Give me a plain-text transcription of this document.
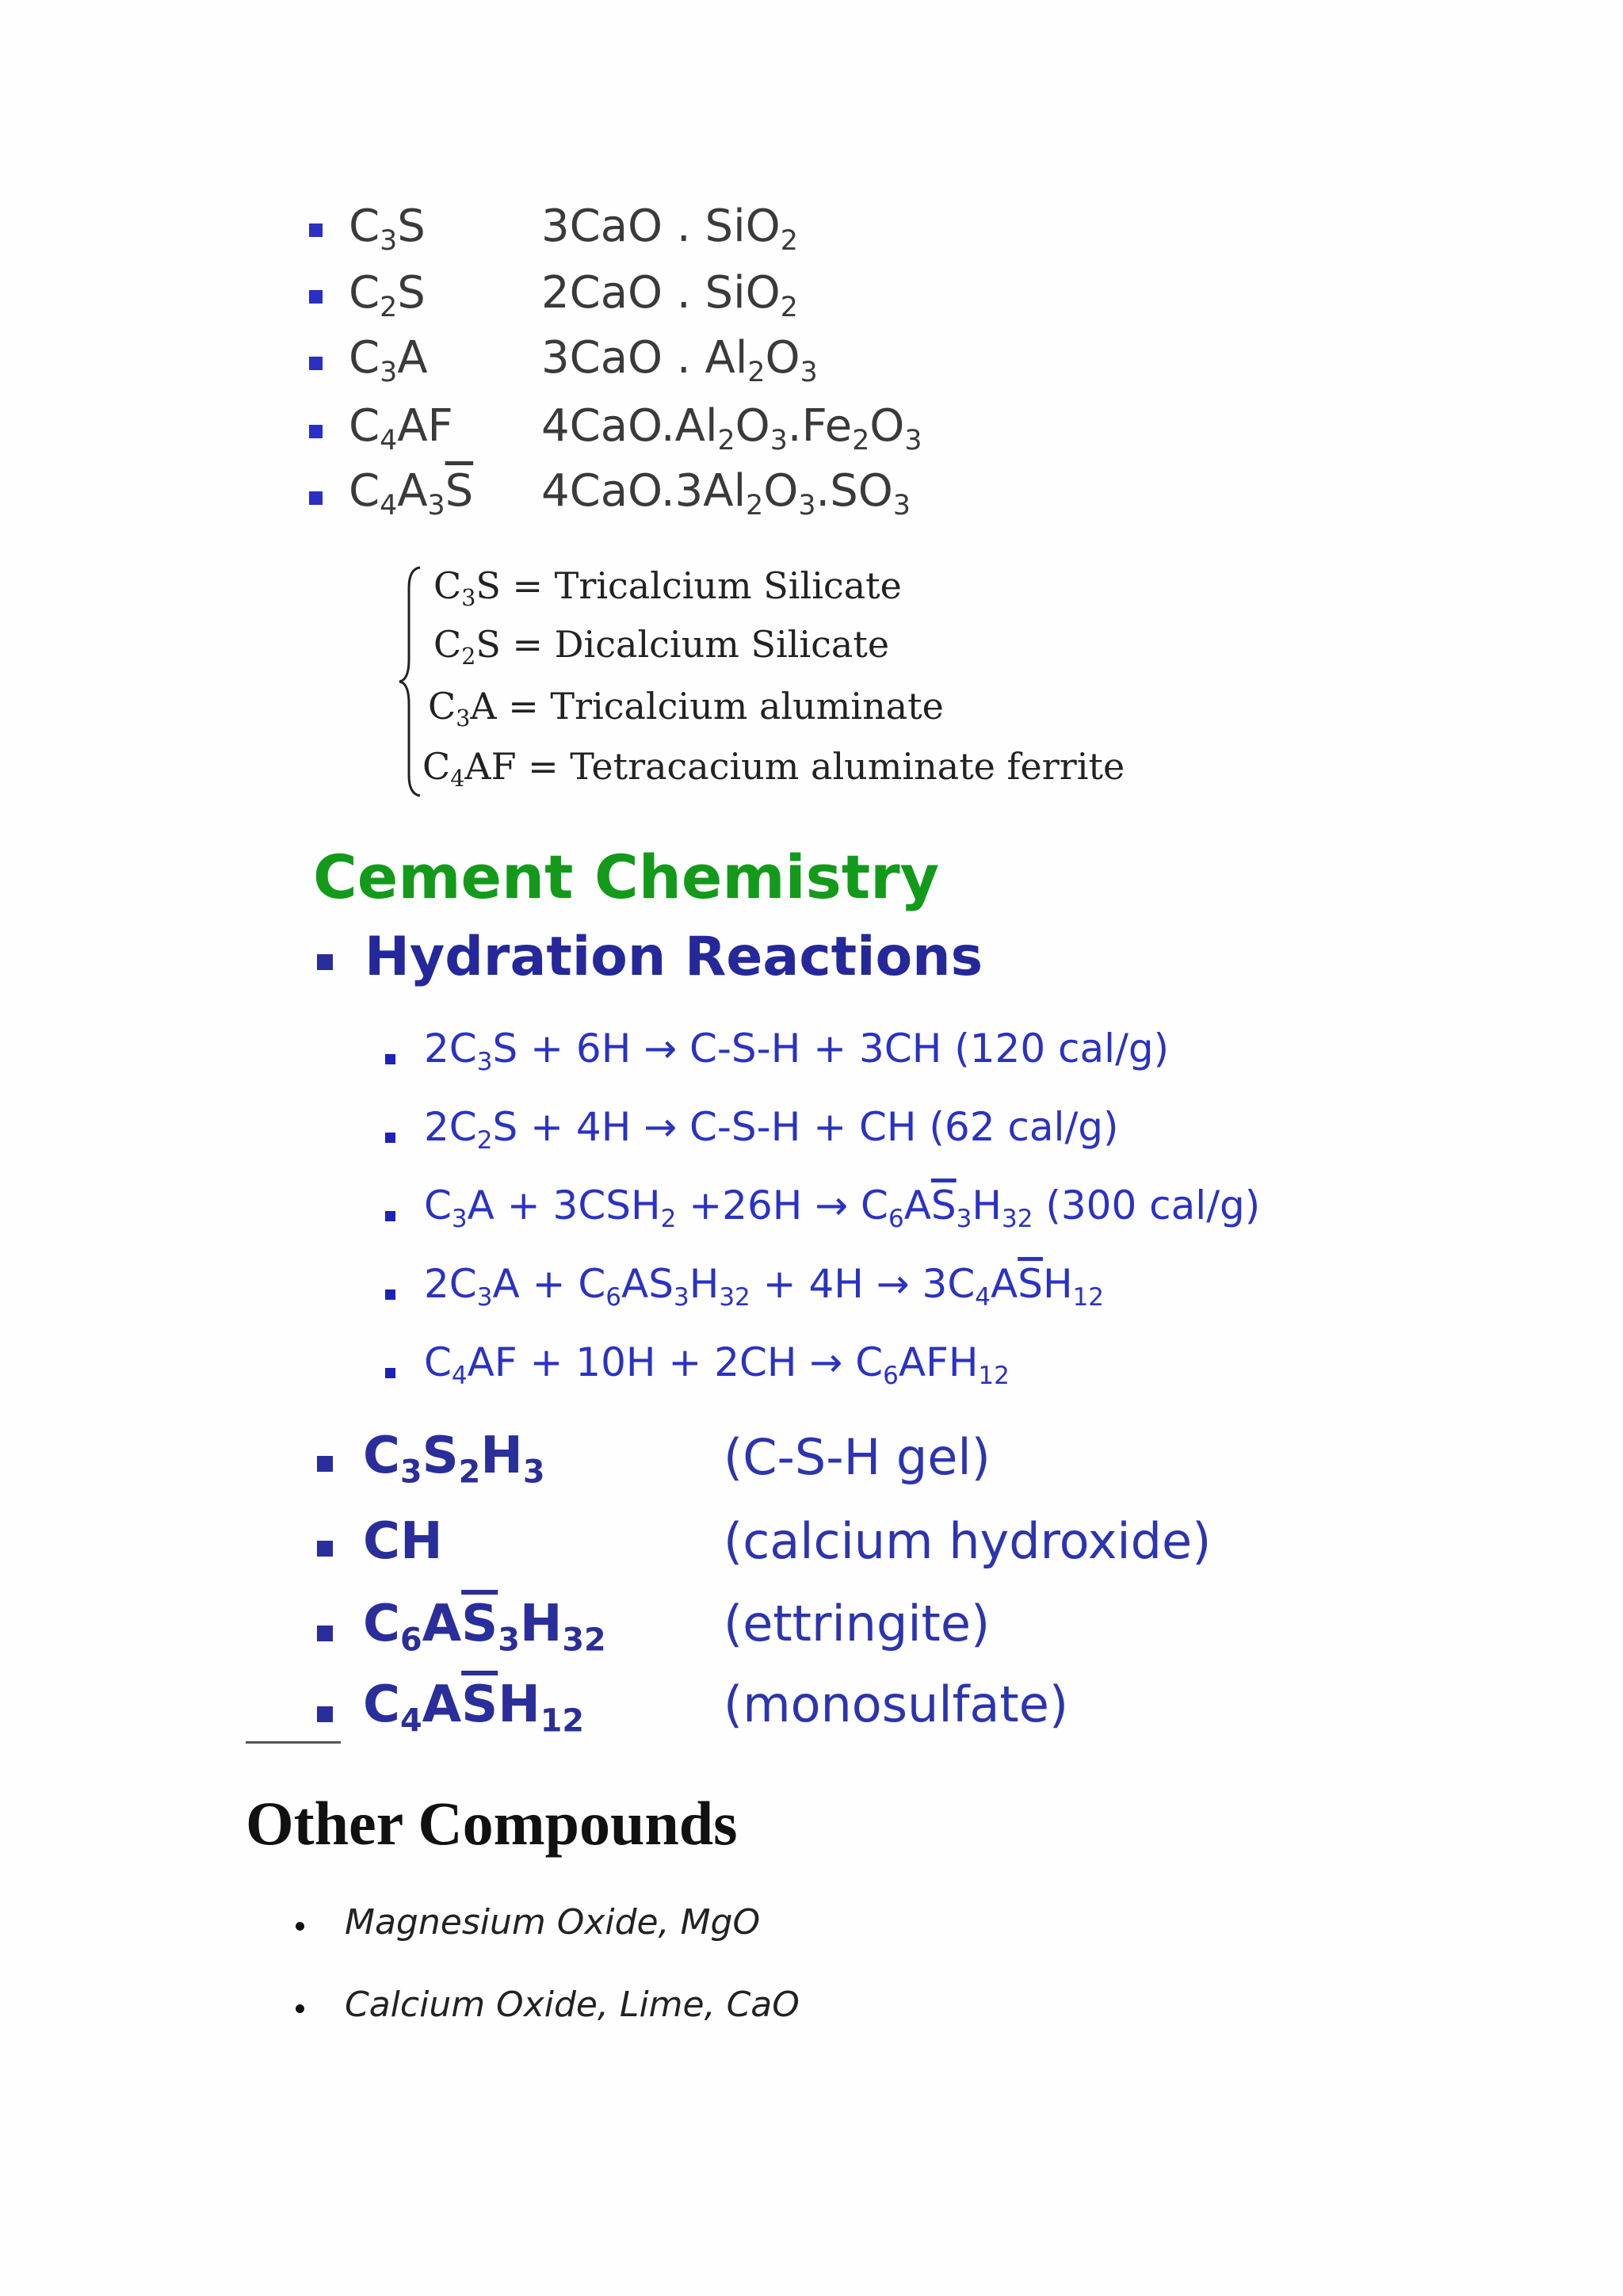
$C_3S$	3CaO . SiO$_2$
$C_2S$	2CaO . SiO$_2$
$C_3A$	3CaO . $Al_2O_3$
$C_4AF$ $4CaO.Al_2O_3.Fe_2O_3$
$C_4A_3\overline{S}$ $4CaO.3Al_2O_3.SO_3$
$C_3S$ = Tricalcium Silicate
$C_2S$ = Dicalcium Silicate
$C_3A$ = Tricalcium aluminate
$C_4AF$ = Tetracacium aluminate ferrite
Cement Chemistry
Hydration Reactions
$2C_3S + 6H \to C-S-H + 3CH$ (120 cal/g)
$2C_2S + 4H \to C-S-H$ + CH (62 cal/g)
$C_3A + 3CSH_2 +26H \to C_6A\overline{S}_3H_{32}$ (300 cal/g)
$2C_3A + C_6AS_3H_{32} + 4H \to 3C_4A\overline{S}H_{12}$
$C_4AF + 10H + 2CH \to C_6AFH_{12}$
$C_3S_2H_3$	(C-S-H gel)
CH	(calcium hydroxide)
$C_6A\overline{S}_3H_{32}$ (ettringite)
$C_4A\overline{S}H_{12}$	(monosulfate)
Other Compounds
Magnesium Oxide, MgO
Calcium Oxide, Lime, CaO
